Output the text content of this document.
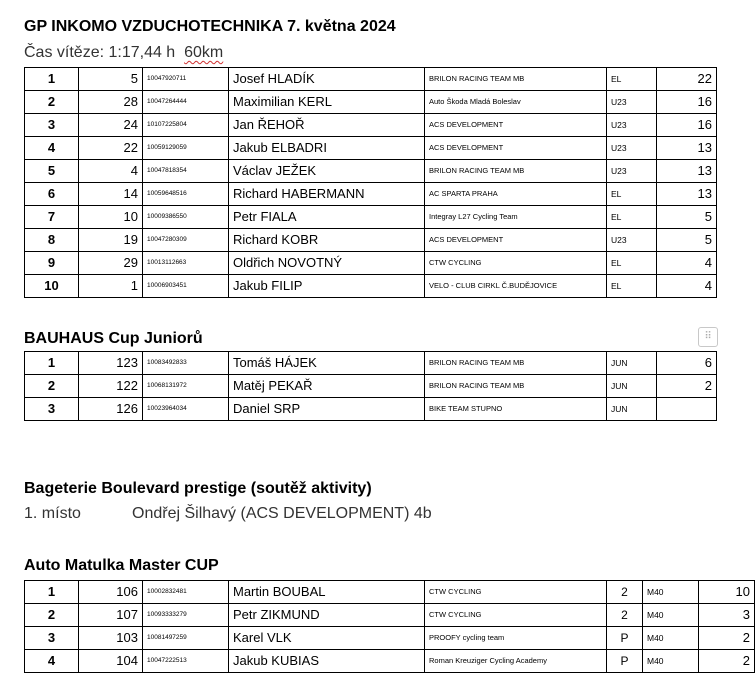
GP INKOMO VZDUCHOTECHNIKA 7. května 2024
Čas vítěze: 1:17,44 h 60km
1	5	10047920711	Josef HLADÍK	BRILON RACING TEAM MB	EL	22
2	28	10047264444	Maximilian KERL	Auto Škoda Mladá Boleslav	U23	16
3	24	10107225804	Jan ŘEHOŘ	ACS DEVELOPMENT	U23	16
4	22	10059129059	Jakub ELBADRI	ACS DEVELOPMENT	U23	13
5	4	10047818354	Václav JEŽEK	BRILON RACING TEAM MB	U23	13
6	14	10059648516	Richard HABERMANN	AC SPARTA PRAHA	EL	13
7	10	10009386550	Petr FIALA	Integray L27 Cycling Team	EL	5
8	19	10047280309	Richard KOBR	ACS DEVELOPMENT	U23	5
9	29	10013112663	Oldřich NOVOTNÝ	CTW CYCLING	EL	4
10	1	10006903451	Jakub FILIP	VELO - CLUB CIRKL Č.BUDĚJOVICE	EL	4
BAUHAUS Cup Juniorů	⠿
1	123	10083492833	Tomáš HÁJEK	BRILON RACING TEAM MB	JUN	6
2	122	10068131972	Matěj PEKAŘ	BRILON RACING TEAM MB	JUN	2
3	126	10023964034	Daniel SRP	BIKE TEAM STUPNO	JUN	
Bageterie Boulevard prestige (soutěž aktivity)
1. místo	Ondřej Šilhavý (ACS DEVELOPMENT) 4b
Auto Matulka Master CUP
1	106	10002832481	Martin BOUBAL	CTW CYCLING	2	M40	10
2	107	10093333279	Petr ZIKMUND	CTW CYCLING	2	M40	3
3	103	10081497259	Karel VLK	PROOFY cycling team	P	M40	2
4	104	10047222513	Jakub KUBIAS	Roman Kreuziger Cycling Academy	P	M40	2
